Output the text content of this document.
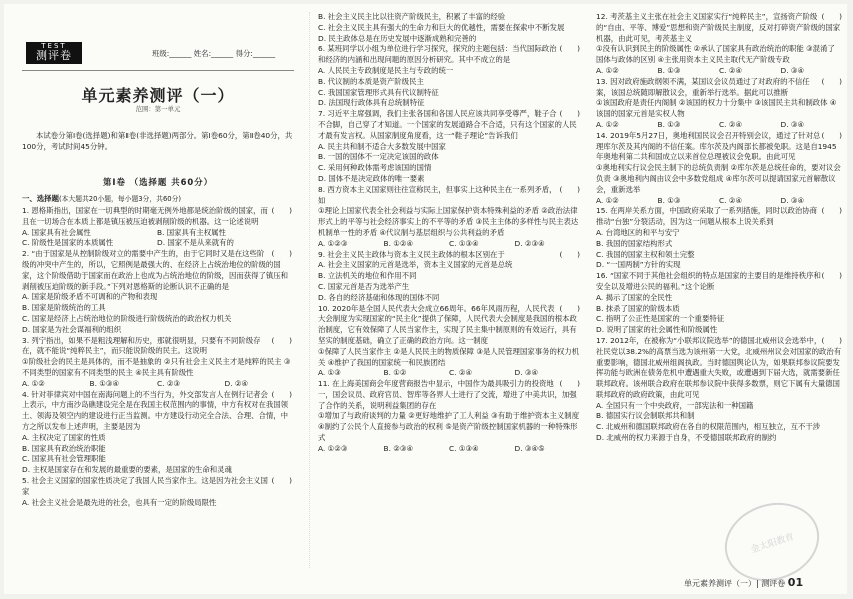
TEST
测评卷	班级:______ 姓名:______ 得分:______
单元素养测评（一）
范围：第一单元
本试卷分第Ⅰ卷(选择题)和第Ⅱ卷(非选择题)两部分。第Ⅰ卷60分，第Ⅱ卷40分，共100分，考试时间45分钟。
第Ⅰ卷 （选择题 共60分）
一、选择题(本大题共20小题，每小题3分，共60分)
(　　)

1. 恩格斯指出，国家在一切典型的时期毫无例外地都是统治阶级的国家，而且在一切场合在本质上都是镇压被压迫被剥削阶级的机器。这一论述说明

A. 国家具有社会属性	B. 国家具有主权属性
C. 阶级性是国家的本质属性	D. 国家不是从来就有的
(　　)

2. “由于国家是从控制阶级对立的需要中产生的，由于它同时又是在这些阶级的冲突中产生的，所以，它照例是最强大的、在经济上占统治地位的阶级的国家，这个阶级借助于国家而在政治上也成为占统治地位的阶级，因而获得了镇压和剥削被压迫阶级的新手段。”下列对恩格斯的论断认识不正确的是

A. 国家是阶级矛盾不可调和的产物和表现
B. 国家是阶级统治的工具
C. 国家是经济上占统治地位的阶级进行阶级统治的政治权力机关
D. 国家是为社会谋福利的组织
(　　)

3. 列宁指出，如果不是粗浅理解和历史，那就很明显，只要有不同阶级存在，就不能说“纯粹民主”，而只能说阶级的民主。这说明

①阶级社会的民主是具体的，而不是抽象的 ②只有社会主义民主才是纯粹的民主 ③不同类型的国家有不同类型的民主 ④民主具有阶级性
A. ①②	B. ①③④	C. ②③	D. ②④
(　　)

4. 针对菲律宾对中国在南海问题上的不当行为，外交部发言人在例行记者会上表示，中方南沙岛礁建设完全是在我国主权范围内的事情，中方有权对在我国领土、领海及领空内的建设进行正当监测。中方建设行动完全合法、合理、合情，中方之所以发布上述声明，主要是因为

A. 主权决定了国家的性质
B. 国家具有政治统治职能
C. 国家具有社会管理职能
D. 主权是国家存在和发展的最重要的要素，是国家的生命和灵魂
(　　)

5. 社会主义国家的国家性质决定了我国人民当家作主。这是因为社会主义国家

A. 社会主义社会是最先进的社会，也具有一定的阶级局限性
B. 社会主义民主比以往资产阶级民主，积累了丰富的经验
C. 社会主义民主具有强大的生命力和巨大的优越性，需要在探索中不断发展
D. 民主政体总是在历史发展中逐渐成熟和完善的
(　　)

6. 某班同学以小组为单位进行学习探究，探究的主题包括：当代国际政治和经济的内涵和出现问题的原因分析研究。其中不成立的是

A. 人民民主专政制度是民主与专政的统一
B. 代议制的本质是资产阶级民主
C. 我国国家管理形式具有代议制特征
D. 法国现行政体具有总统制特征
(　　)

7. 习近平主席强调，我们主张各国和各国人民应该共同享受尊严，鞋子合不合脚，自己穿了才知道。一个国家的发展道路合不合适，只有这个国家的人民才最有发言权。从国家制度角度看，这一“鞋子理论”告诉我们

A. 民主共和制不适合大多数发展中国家
B. 一国的国体不一定决定该国的政体
C. 采用何种政体需考虑该国的国情
D. 国体不是决定政体的唯一要素
(　　)

8. 西方资本主义国家则往往宣称民主，但事实上这种民主在一系列矛盾，如

①理论上国家代表全社会利益与实际上国家保护资本特殊利益的矛盾 ②政治法律形式上的平等与社会经济事实上的不平等的矛盾 ③民主主体的多样性与民主表达机制单一性的矛盾 ④代议制与基层组织与公共利益的矛盾
A. ①②③	B. ①②④	C. ①③④	D. ②③④
(　　)

9. 社会主义民主政体与资本主义民主政体的根本区别在于

A. 社会主义国家的元首是选举，资本主义国家的元首是总统
B. 立法机关的地位和作用不同
C. 国家元首是否为选举产生
D. 各自的经济基础和体现的国体不同
(　　)

10. 2020年是全国人民代表大会成立66周年。66年风雨历程，人民代表大会制度为实现国家的“民主化”提供了保障，人民代表大会制度是我国的根本政治制度，它有效保障了人民当家作主，实现了民主集中制原则的有效运行，具有坚实的制度基础，确立了正确的政治方向。这一制度

①保障了人民当家作主 ②是人民民主的物质保障 ③是人民管理国家事务的权力机关 ④维护了我国的国家统一和民族团结
A. ①③	B. ①②	C. ②④	D. ③④
(　　)

11. 在上海美国商会年度营商报告中显示，中国作为最具吸引力的投资地一，国会议员、政府官员、智库等各界人士进行了交流，增进了中美共识，加强了合作的关系，说明利益集团的存在

①增加了与政府谈判的力量 ②更好地维护了工人利益 ③有助于维护资本主义制度 ④制约了公民个人直接参与政治的权利 ⑤是资产阶级控制国家机器的一种特殊形式
A. ①②③	B. ②③④	C. ①③④	D. ③④⑤
(　　)

12. 考茨基主义主张在社会主义国家实行“纯粹民主”，宣扬资产阶级的“自由、平等、博爱”思想和资产阶级民主制度，反对打碎资产阶级的国家机器，由此可见，考茨基主义

①没有认识到民主的阶级属性 ②承认了国家具有政治统治的职能 ③混淆了国体与政体的区别 ④主张用资本主义民主取代无产阶级专政
A. ①②	B. ①③	C. ②④	D. ③④
(　　)

13. 因对政府施政纲领不满，某国议会议员通过了对政府的不信任案，该国总统随即解散议会，重新举行选举。据此可以推断

①该国政府是责任内阁制 ②该国的权力十分集中 ③该国民主共和制政体 ④该国的国家元首是实权人物
A. ①②	B. ①③	C. ②④	D. ③④
(　　)

14. 2019年5月27日，奥地利国民议会召开特别会议，通过了针对总理库尔茨及其内阁的不信任案。库尔茨及内阁部长都被免职。这是自1945年奥地利第二共和国成立以来首位总理被议会免职。由此可见

①奥地利实行议会民主制下的总统负责制 ②库尔茨是总统任命的，要对议会负责 ③奥地利内阁由议会中多数党组成 ④库尔茨可以提请国家元首解散议会，重新选举
A. ①②	B. ①③	C. ②④	D. ③④
(　　)

15. 在两岸关系方面，中国政府采取了一系列措施，同时以政治协商推动“台独”分裂活动，因为这一问题从根本上说关系到

A. 台湾地区的和平与安宁
B. 我国的国家结构形式
C. 我国的国家主权和领土完整
D. “一国两制”方针的实现
(　　)

16. “国家不同于其他社会组织的特点是国家的主要目的是维持秩序和安全以及增进公民的福利。”这个论断

A. 揭示了国家的全民性
B. 抹杀了国家的阶级本质
C. 指明了公正性是国家的一个重要特征
D. 说明了国家的社会属性和阶级属性
(　　)

17. 2012年，在被称为“小联邦议院选举”的德国北威州议会选举中，社民党以38.2%的高票当选为该州第一大党，北威州州议会对国家的政治有重要影响，德国北威州组阁执政。当时德国舆论认为，如果联邦参议院要发挥功能与欧洲在债务危机中遭遇重大失败，或遭遇到下届大选，就需要新任联邦政府。该州联合政府在联邦参议院中获得多数票，则它下属有大量德国联邦政府的政府政策，由此可见

A. 全国只有一个中央政府，一部宪法和一种国籍
B. 德国实行议会制联邦共和制
C. 北威州和德国联邦政府在各自的权限范围内，相互独立，互不干涉
D. 北威州的权力来源于自身，不受德国联邦政府的制约
金太阳教育
单元素养测评（一）| 测评卷 01
